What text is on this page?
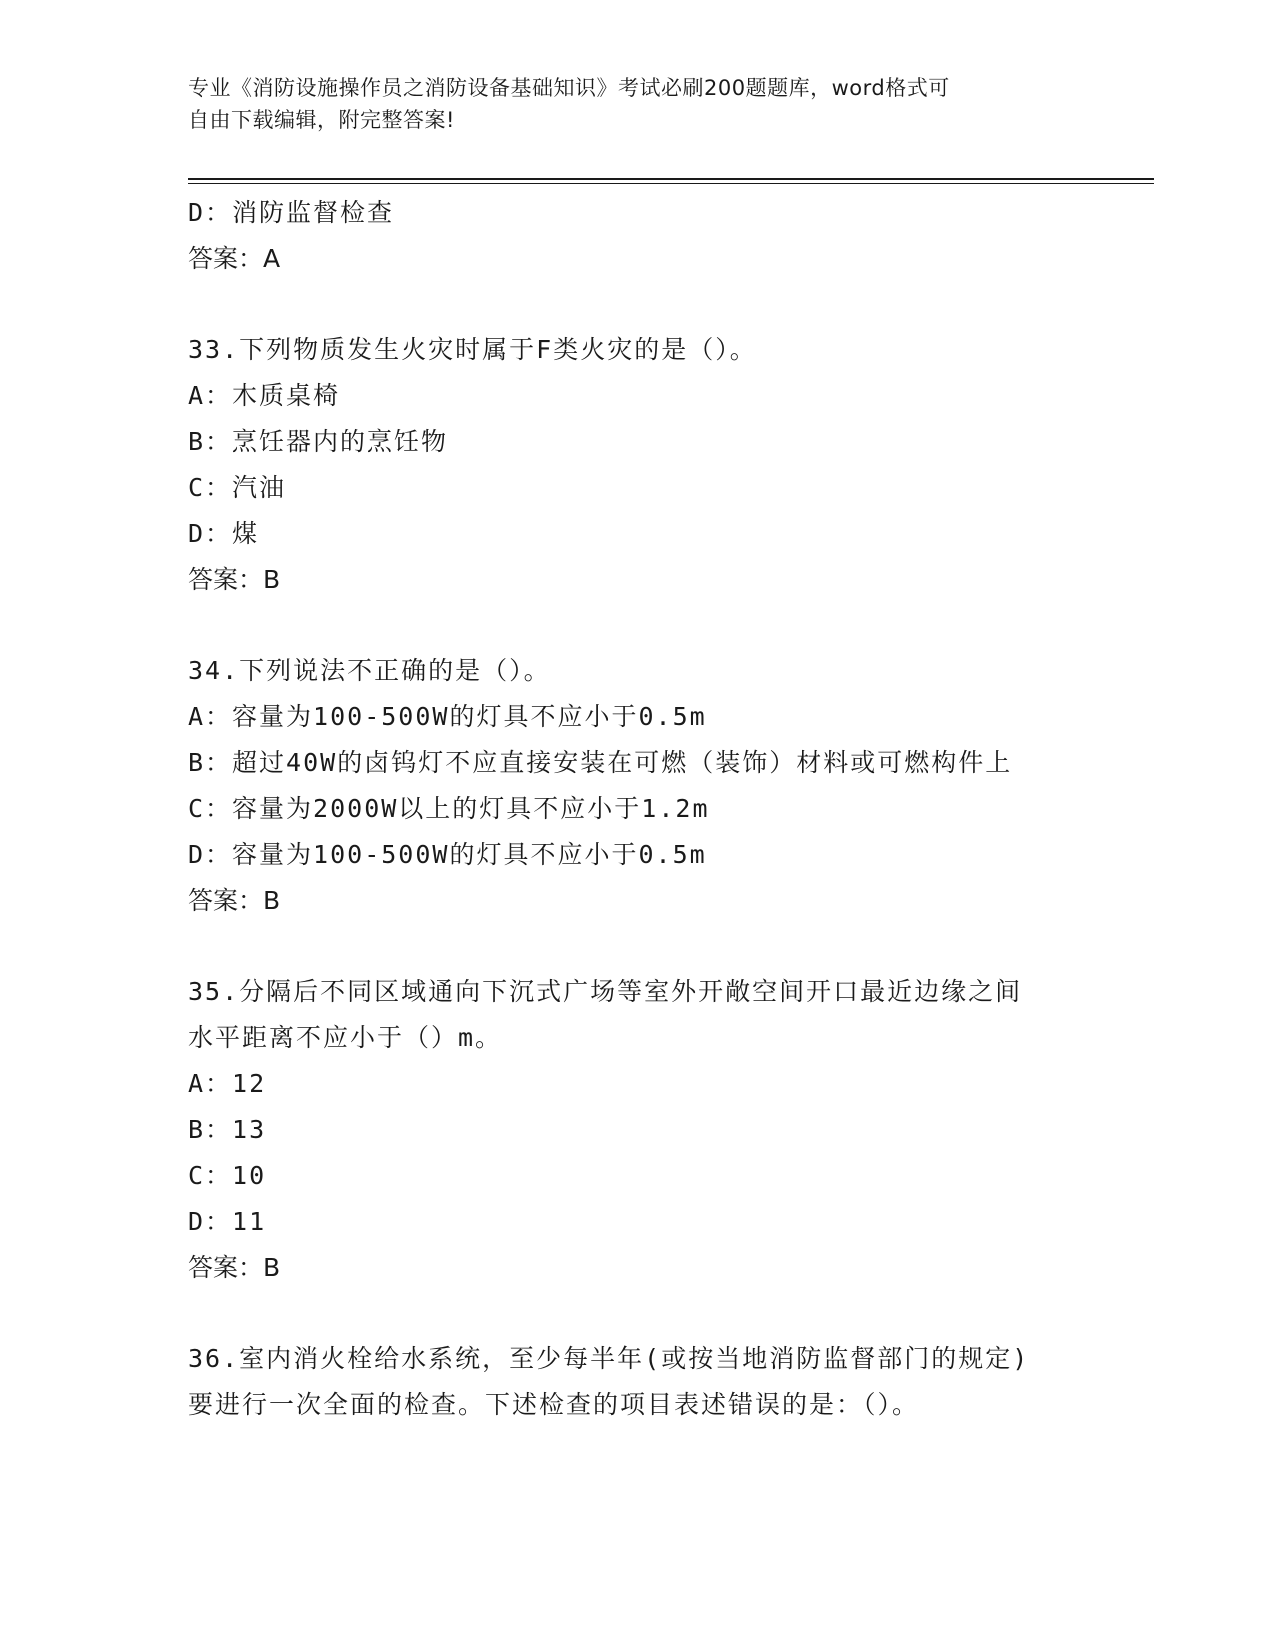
专业《消防设施操作员之消防设备基础知识》考试必刷200题题库，word格式可
自由下载编辑，附完整答案!
D：消防监督检查
答案：A
33.下列物质发生火灾时属于F类火灾的是（）。
A：木质桌椅
B：烹饪器内的烹饪物
C：汽油
D：煤
答案：B
34.下列说法不正确的是（）。
A：容量为100-500W的灯具不应小于0.5m
B：超过40W的卤钨灯不应直接安装在可燃（装饰）材料或可燃构件上
C：容量为2000W以上的灯具不应小于1.2m
D：容量为100-500W的灯具不应小于0.5m
答案：B
35.分隔后不同区域通向下沉式广场等室外开敞空间开口最近边缘之间
水平距离不应小于（）m。
A：12
B：13
C：10
D：11
答案：B
36.室内消火栓给水系统，至少每半年(或按当地消防监督部门的规定)
要进行一次全面的检查。下述检查的项目表述错误的是：（）。
